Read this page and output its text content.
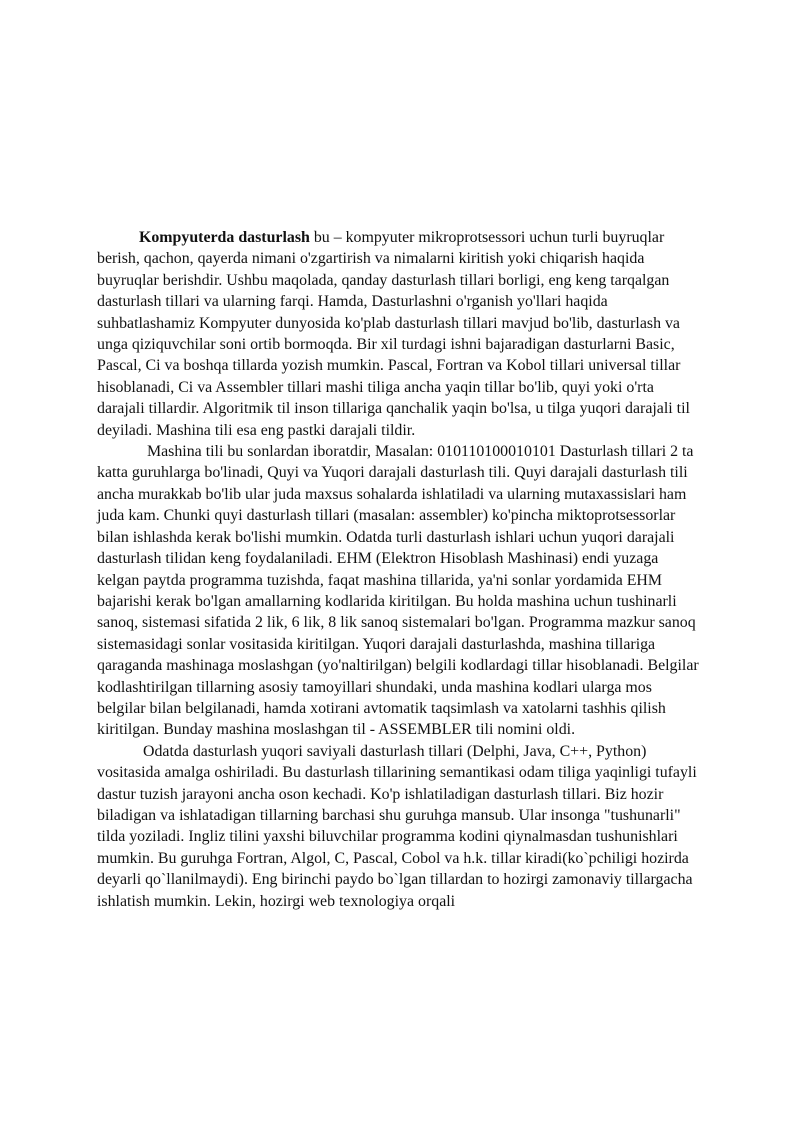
Kompyuterda dasturlash bu – kompyuter mikroprotsessori uchun turli buyruqlar berish, qachon, qayerda nimani o'zgartirish va nimalarni kiritish yoki chiqarish haqida buyruqlar berishdir. Ushbu maqolada, qanday dasturlash tillari borligi, eng keng tarqalgan dasturlash tillari va ularning farqi. Hamda, Dasturlashni o'rganish yo'llari haqida suhbatlashamiz Kompyuter dunyosida ko'plab dasturlash tillari mavjud bo'lib, dasturlash va unga qiziquvchilar soni ortib bormoqda. Bir xil turdagi ishni bajaradigan dasturlarni Basic, Pascal, Ci va boshqa tillarda yozish mumkin. Pascal, Fortran va Kobol tillari universal tillar hisoblanadi, Ci va Assembler tillari mashi tiliga ancha yaqin tillar bo'lib, quyi yoki o'rta darajali tillardir. Algoritmik til inson tillariga qanchalik yaqin bo'lsa, u tilga yuqori darajali til deyiladi. Mashina tili esa eng pastki darajali tildir.

Mashina tili bu sonlardan iboratdir, Masalan: 010110100010101 Dasturlash tillari 2 ta katta guruhlarga bo'linadi, Quyi va Yuqori darajali dasturlash tili. Quyi darajali dasturlash tili ancha murakkab bo'lib ular juda maxsus sohalarda ishlatiladi va ularning mutaxassislari ham juda kam. Chunki quyi dasturlash tillari (masalan: assembler) ko'pincha miktoprotsessorlar bilan ishlashda kerak bo'lishi mumkin. Odatda turli dasturlash ishlari uchun yuqori darajali dasturlash tilidan keng foydalaniladi. EHM (Elektron Hisoblash Mashinasi) endi yuzaga kelgan paytda programma tuzishda, faqat mashina tillarida, ya'ni sonlar yordamida EHM bajarishi kerak bo'lgan amallarning kodlarida kiritilgan. Bu holda mashina uchun tushinarli sanoq, sistemasi sifatida 2 lik, 6 lik, 8 lik sanoq sistemalari bo'lgan. Programma mazkur sanoq sistemasidagi sonlar vositasida kiritilgan. Yuqori darajali dasturlashda, mashina tillariga qaraganda mashinaga moslashgan (yo'naltirilgan) belgili kodlardagi tillar hisoblanadi. Belgilar kodlashtirilgan tillarning asosiy tamoyillari shundaki, unda mashina kodlari ularga mos belgilar bilan belgilanadi, hamda xotirani avtomatik taqsimlash va xatolarni tashhis qilish kiritilgan. Bunday mashina moslashgan til - ASSEMBLER tili nomini oldi.

Odatda dasturlash yuqori saviyali dasturlash tillari (Delphi, Java, C++, Python) vositasida amalga oshiriladi. Bu dasturlash tillarining semantikasi odam tiliga yaqinligi tufayli dastur tuzish jarayoni ancha oson kechadi. Ko'p ishlatiladigan dasturlash tillari. Biz hozir biladigan va ishlatadigan tillarning barchasi shu guruhga mansub. Ular insonga "tushunarli" tilda yoziladi. Ingliz tilini yaxshi biluvchilar programma kodini qiynalmasdan tushunishlari mumkin. Bu guruhga Fortran, Algol, C, Pascal, Cobol va h.k. tillar kiradi(ko`pchiligi hozirda deyarli qo`llanilmaydi). Eng birinchi paydo bo`lgan tillardan to hozirgi zamonaviy tillargacha ishlatish mumkin. Lekin, hozirgi web texnologiya orqali
